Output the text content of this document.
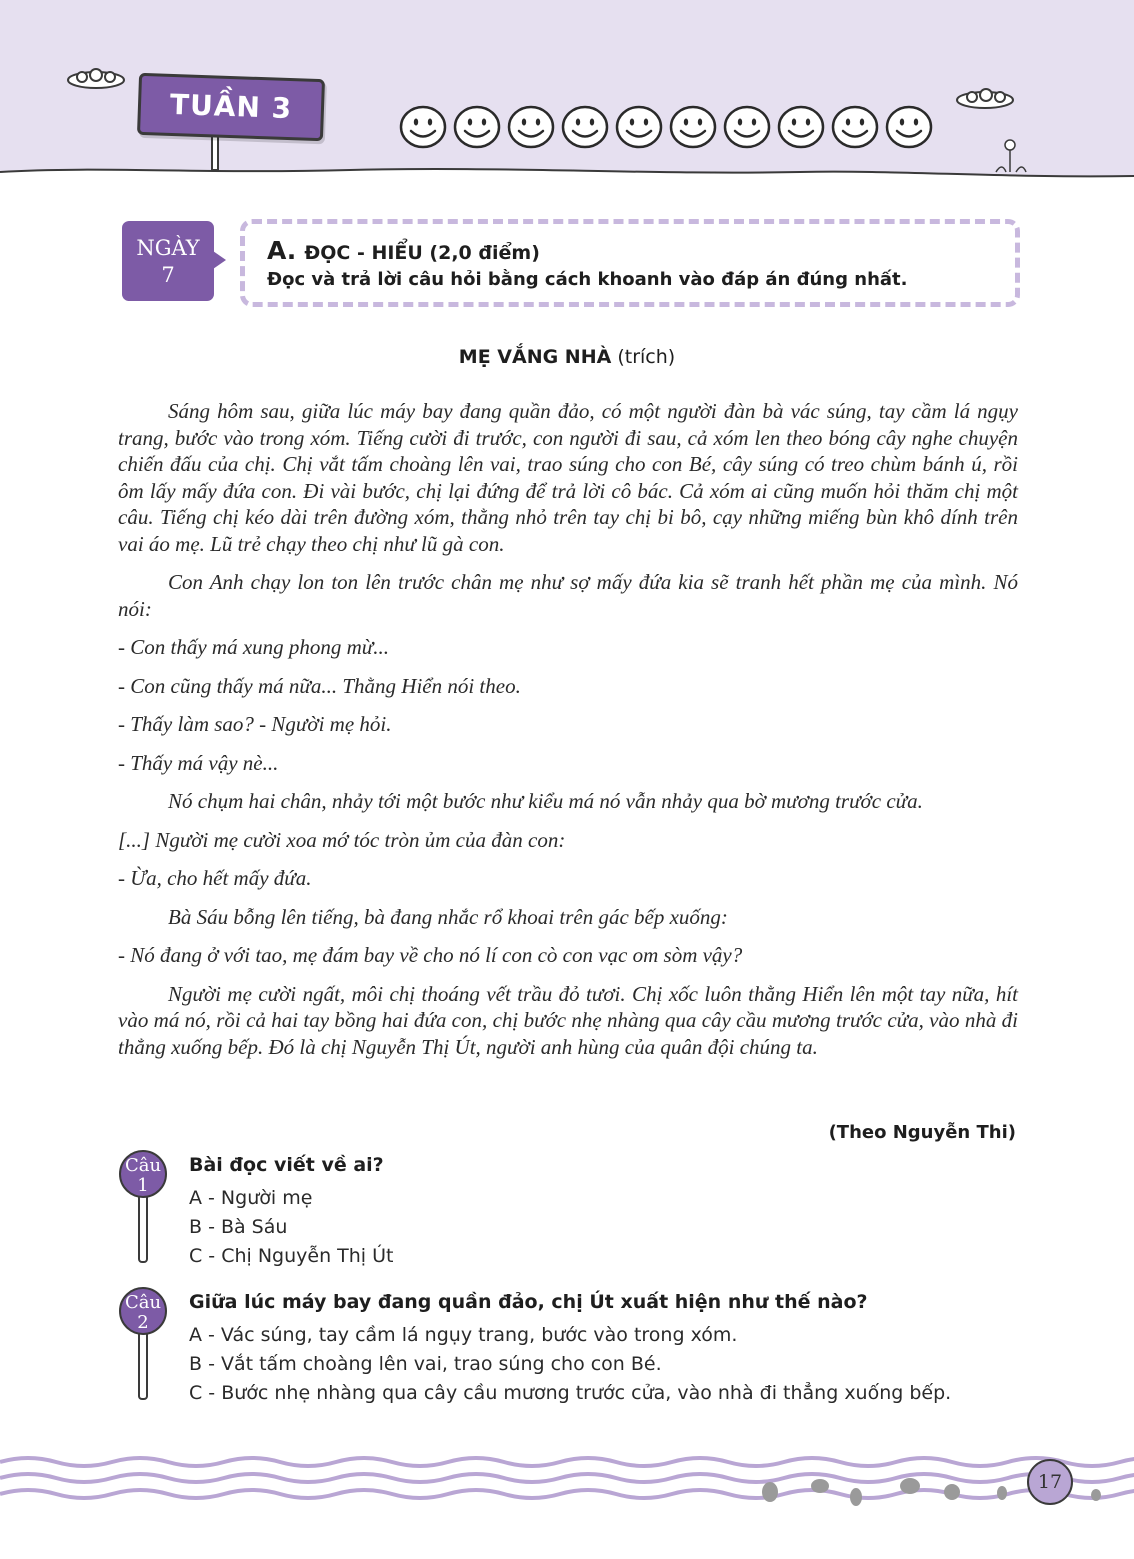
TUẦN 3
NGÀY
7
A. ĐỌC - HIỂU (2,0 điểm)
Đọc và trả lời câu hỏi bằng cách khoanh vào đáp án đúng nhất.
MẸ VẮNG NHÀ (trích)

Sáng hôm sau, giữa lúc máy bay đang quần đảo, có một người đàn bà vác súng, tay cầm lá ngụy trang, bước vào trong xóm. Tiếng cười đi trước, con người đi sau, cả xóm len theo bóng cây nghe chuyện chiến đấu của chị. Chị vắt tấm choàng lên vai, trao súng cho con Bé, cây súng có treo chùm bánh ú, rồi ôm lấy mấy đứa con. Đi vài bước, chị lại đứng để trả lời cô bác. Cả xóm ai cũng muốn hỏi thăm chị một câu. Tiếng chị kéo dài trên đường xóm, thằng nhỏ trên tay chị bi bô, cạy những miếng bùn khô dính trên vai áo mẹ. Lũ trẻ chạy theo chị như lũ gà con.

Con Anh chạy lon ton lên trước chân mẹ như sợ mấy đứa kia sẽ tranh hết phần mẹ của mình. Nó nói:

- Con thấy má xung phong mừ...

- Con cũng thấy má nữa... Thằng Hiển nói theo.

- Thấy làm sao? - Người mẹ hỏi.

- Thấy má vậy nè...

Nó chụm hai chân, nhảy tới một bước như kiểu má nó vẫn nhảy qua bờ mương trước cửa.

[...] Người mẹ cười xoa mớ tóc tròn ủm của đàn con:

- Ừa, cho hết mấy đứa.

Bà Sáu bỗng lên tiếng, bà đang nhắc rổ khoai trên gác bếp xuống:

- Nó đang ở với tao, mẹ đám bay về cho nó lí con cò con vạc om sòm vậy?

Người mẹ cười ngất, môi chị thoáng vết trầu đỏ tươi. Chị xốc luôn thằng Hiển lên một tay nữa, hít vào má nó, rồi cả hai tay bồng hai đứa con, chị bước nhẹ nhàng qua cây cầu mương trước cửa, vào nhà đi thẳng xuống bếp. Đó là chị Nguyễn Thị Út, người anh hùng của quân đội chúng ta.

(Theo Nguyễn Thi)
Câu
1
Bài đọc viết về ai?
A - Người mẹ
B - Bà Sáu
C - Chị Nguyễn Thị Út
Câu
2
Giữa lúc máy bay đang quần đảo, chị Út xuất hiện như thế nào?
A - Vác súng, tay cầm lá ngụy trang, bước vào trong xóm.
B - Vắt tấm choàng lên vai, trao súng cho con Bé.
C - Bước nhẹ nhàng qua cây cầu mương trước cửa, vào nhà đi thẳng xuống bếp.
17
